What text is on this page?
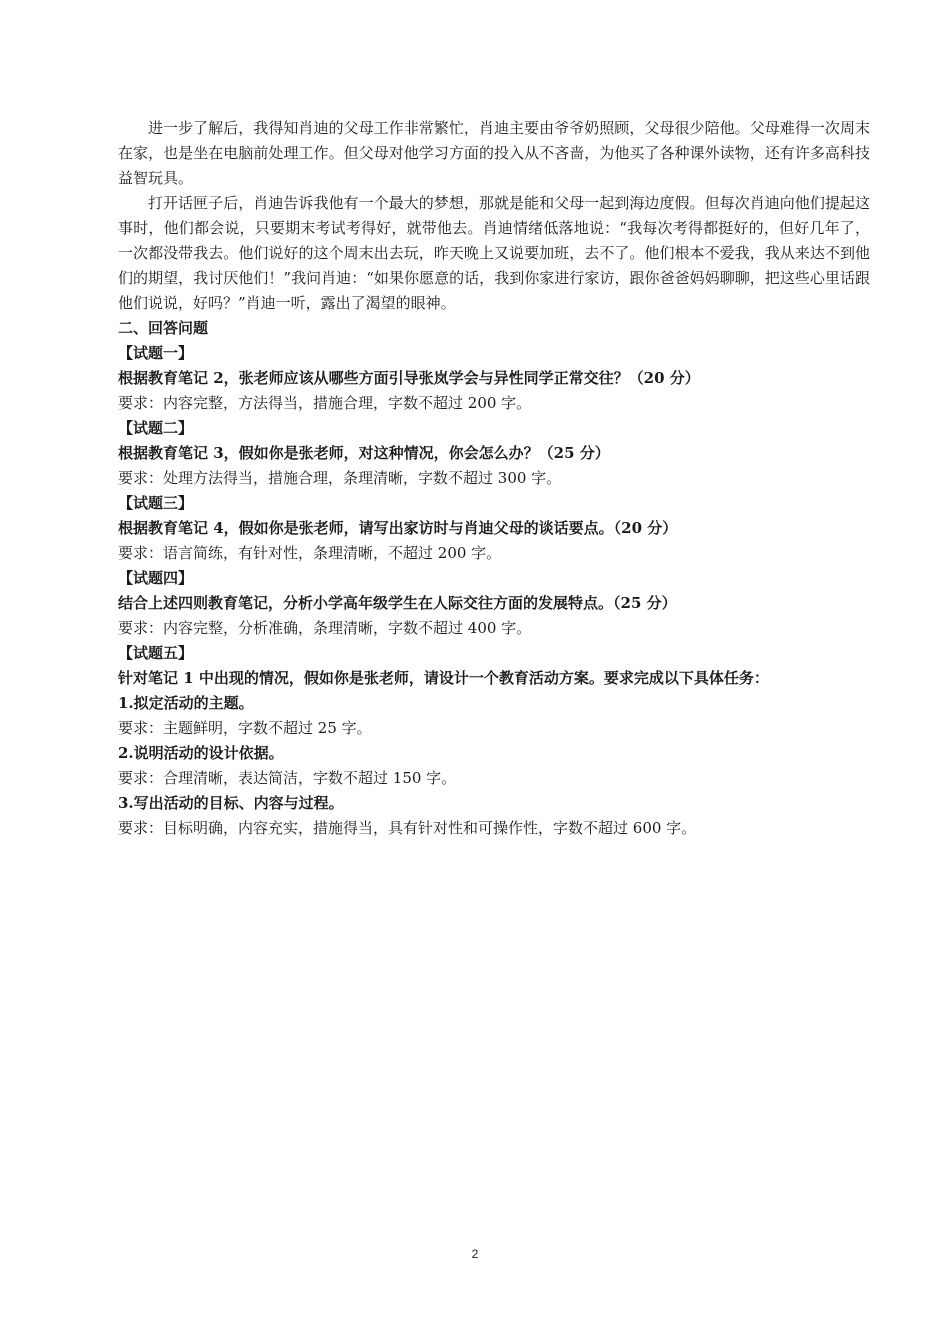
进一步了解后，我得知肖迪的父母工作非常繁忙，肖迪主要由爷爷奶照顾，父母很少陪他。父母难得一次周末在家，也是坐在电脑前处理工作。但父母对他学习方面的投入从不吝啬，为他买了各种课外读物，还有许多高科技益智玩具。

打开话匣子后，肖迪告诉我他有一个最大的梦想，那就是能和父母一起到海边度假。但每次肖迪向他们提起这事时，他们都会说，只要期末考试考得好，就带他去。肖迪情绪低落地说：“我每次考得都挺好的，但好几年了，一次都没带我去。他们说好的这个周末出去玩，昨天晚上又说要加班，去不了。他们根本不爱我，我从来达不到他们的期望，我讨厌他们！”我问肖迪：“如果你愿意的话，我到你家进行家访，跟你爸爸妈妈聊聊，把这些心里话跟他们说说，好吗？”肖迪一听，露出了渴望的眼神。

二、回答问题

【试题一】

根据教育笔记 2，张老师应该从哪些方面引导张岚学会与异性同学正常交往？（20 分）

要求：内容完整，方法得当，措施合理，字数不超过 200 字。

【试题二】

根据教育笔记 3，假如你是张老师，对这种情况，你会怎么办？（25 分）

要求：处理方法得当，措施合理，条理清晰，字数不超过 300 字。

【试题三】

根据教育笔记 4，假如你是张老师，请写出家访时与肖迪父母的谈话要点。（20 分）

要求：语言简练，有针对性，条理清晰，不超过 200 字。

【试题四】

结合上述四则教育笔记，分析小学高年级学生在人际交往方面的发展特点。（25 分）

要求：内容完整，分析准确，条理清晰，字数不超过 400 字。

【试题五】

针对笔记 1 中出现的情况，假如你是张老师，请设计一个教育活动方案。要求完成以下具体任务：

1.拟定活动的主题。

要求：主题鲜明，字数不超过 25 字。

2.说明活动的设计依据。

要求：合理清晰，表达简洁，字数不超过 150 字。

3.写出活动的目标、内容与过程。

要求：目标明确，内容充实，措施得当，具有针对性和可操作性，字数不超过 600 字。

2
